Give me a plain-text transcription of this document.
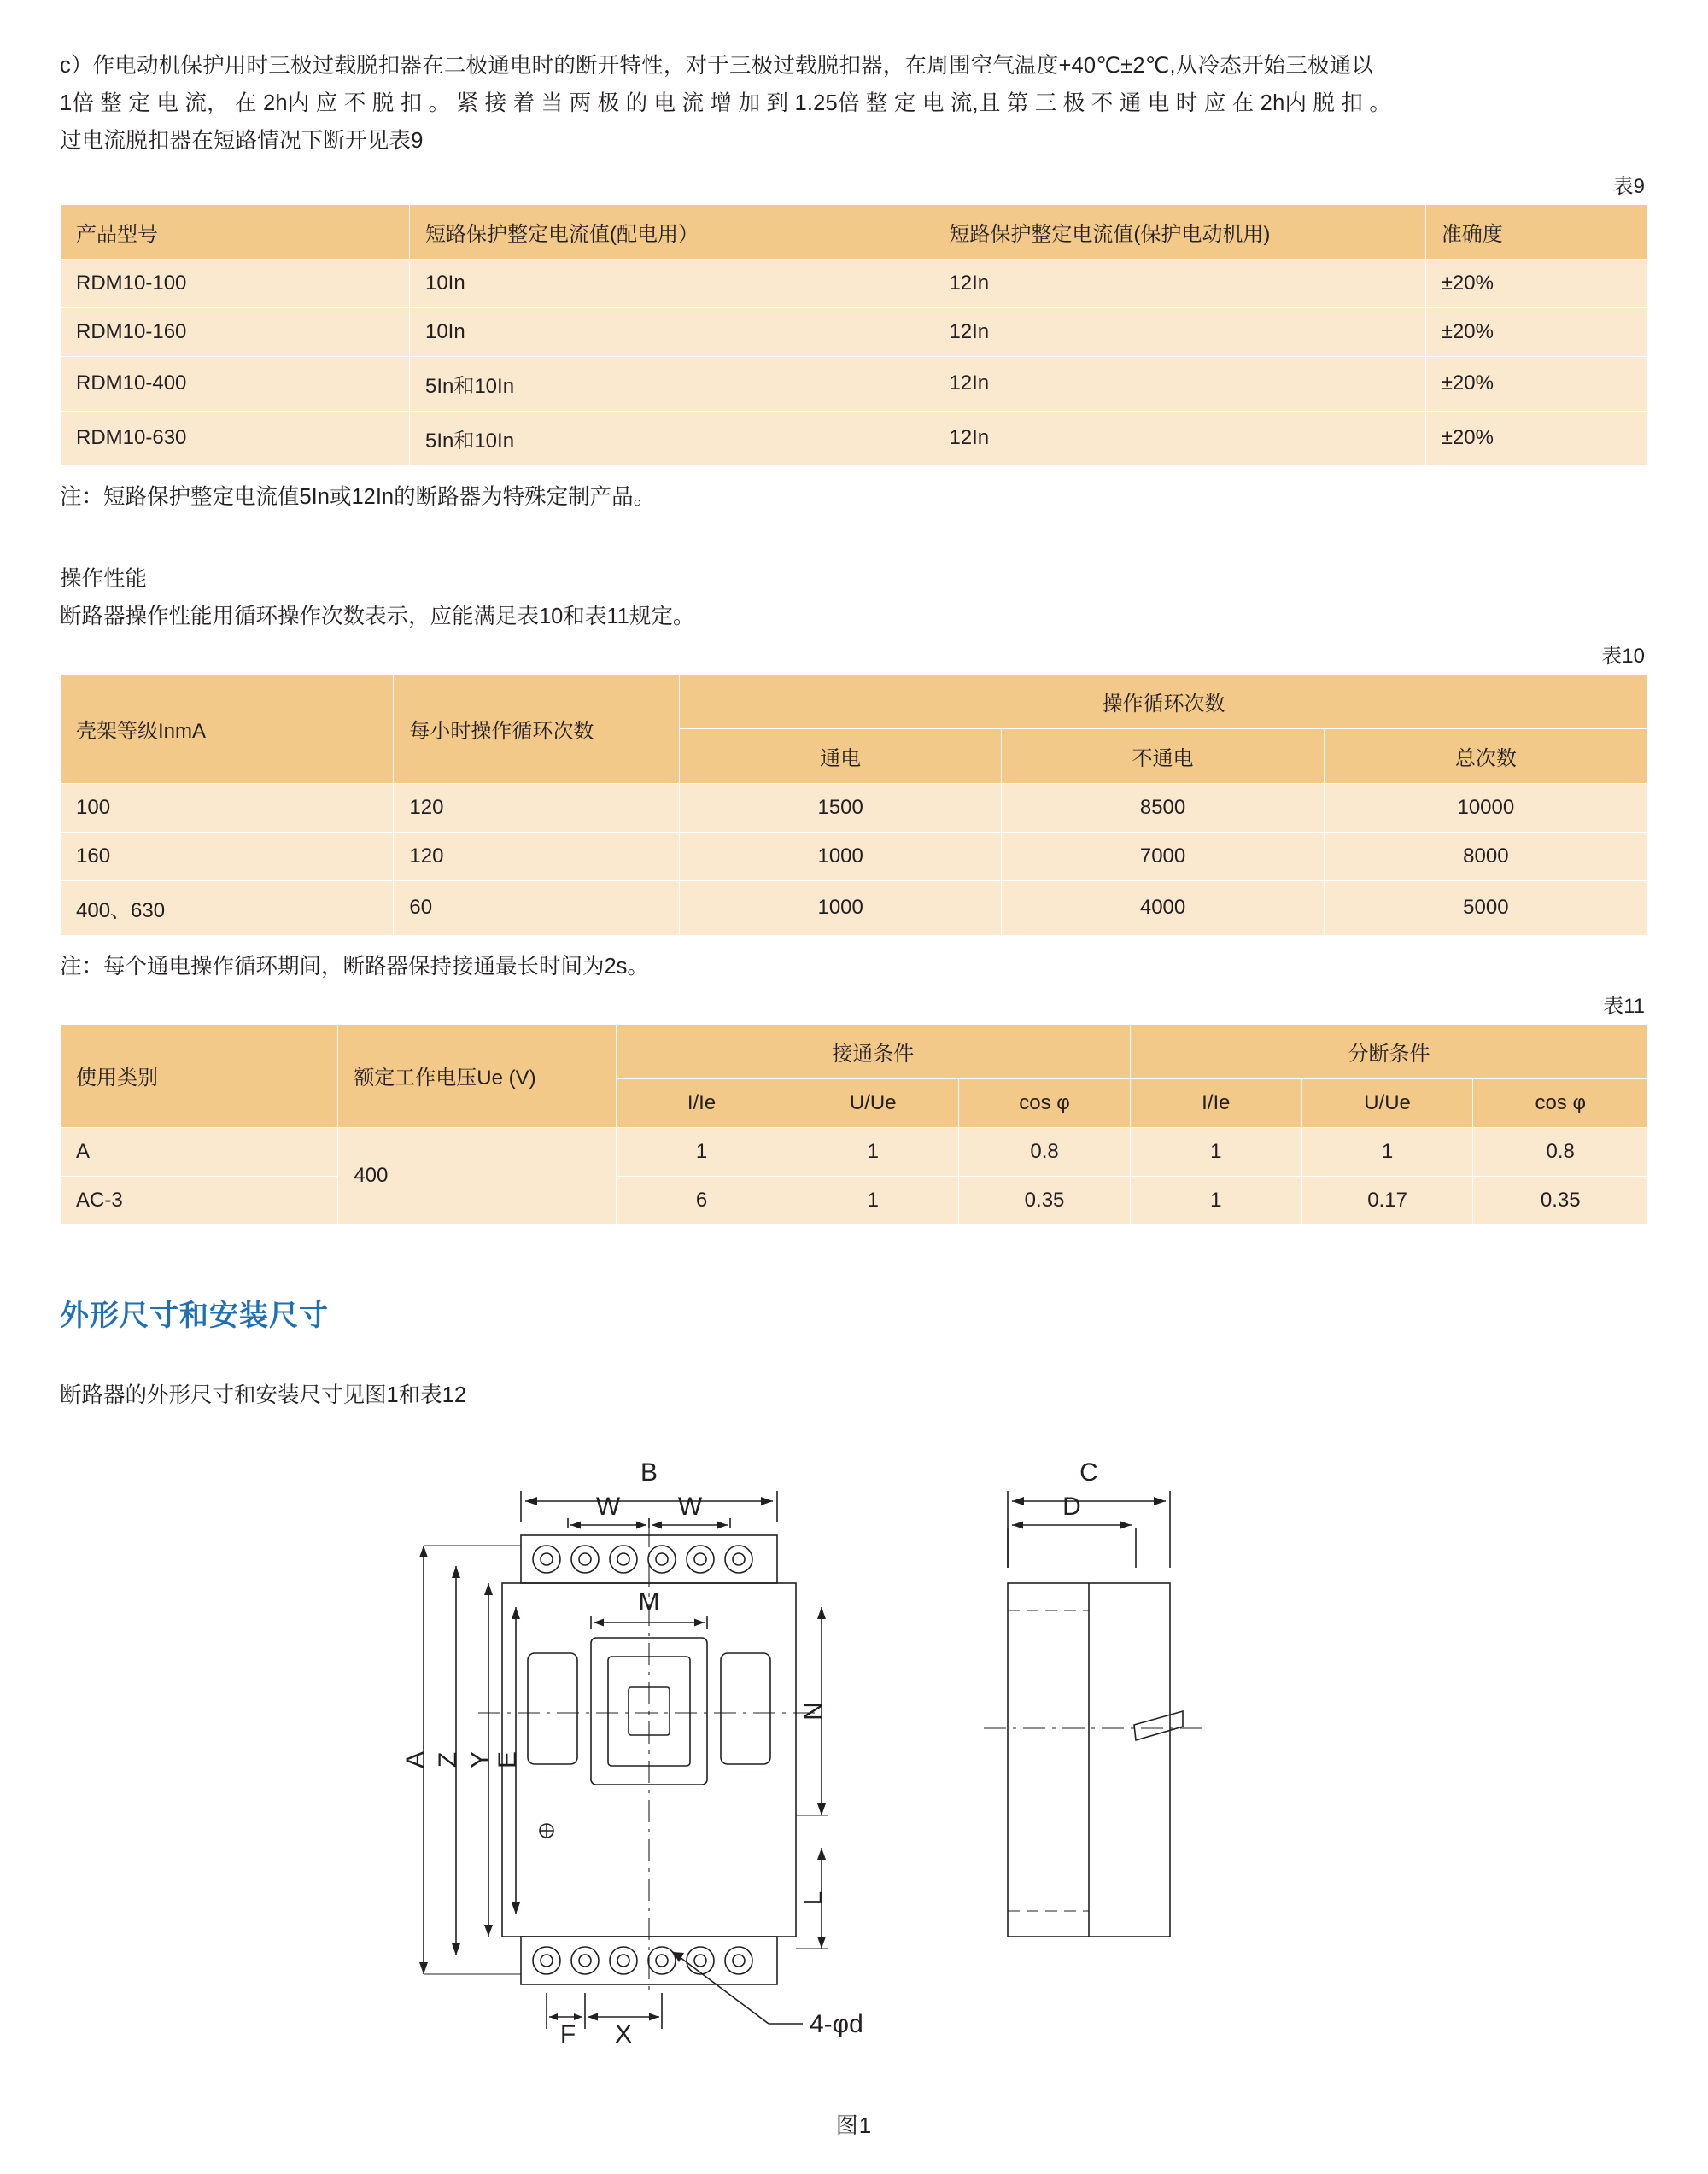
c）作电动机保护用时三极过载脱扣器在二极通电时的断开特性，对于三极过载脱扣器，在周围空气温度+40℃±2℃,从冷态开始三极通以
1倍 整 定 电 流， 在 2h内 应 不 脱 扣 。 紧 接 着 当 两 极 的 电 流 增 加 到 1.25倍 整 定 电 流,且 第 三 极 不 通 电 时 应 在 2h内 脱 扣 。
过电流脱扣器在短路情况下断开见表9
表9
产品型号	短路保护整定电流值(配电用）	短路保护整定电流值(保护电动机用)	准确度
RDM10-100	10In	12In	±20%
RDM10-160	10In	12In	±20%
RDM10-400	5In和10In	12In	±20%
RDM10-630	5In和10In	12In	±20%
注：短路保护整定电流值5In或12In的断路器为特殊定制产品。
操作性能
断路器操作性能用循环操作次数表示，应能满足表10和表11规定。
表10
壳架等级InmA	每小时操作循环次数	操作循环次数		
		通电	不通电	总次数
100	120	1500	8500	10000
160	120	1000	7000	8000
400、630	60	1000	4000	5000
注：每个通电操作循环期间，断路器保持接通最长时间为2s。
表11
使用类别	额定工作电压Ue (V)	接通条件			分断条件		
		I/Ie	U/Ue	cos φ	I/Ie	U/Ue	cos φ
A	400	1	1	0.8	1	1	0.8
AC-3		6	1	0.35	1	0.17	0.35
外形尺寸和安装尺寸
断路器的外形尺寸和安装尺寸见图1和表12
B
W W
C
D
M
F X	4-φd
A Z Y E
N
L
图1
